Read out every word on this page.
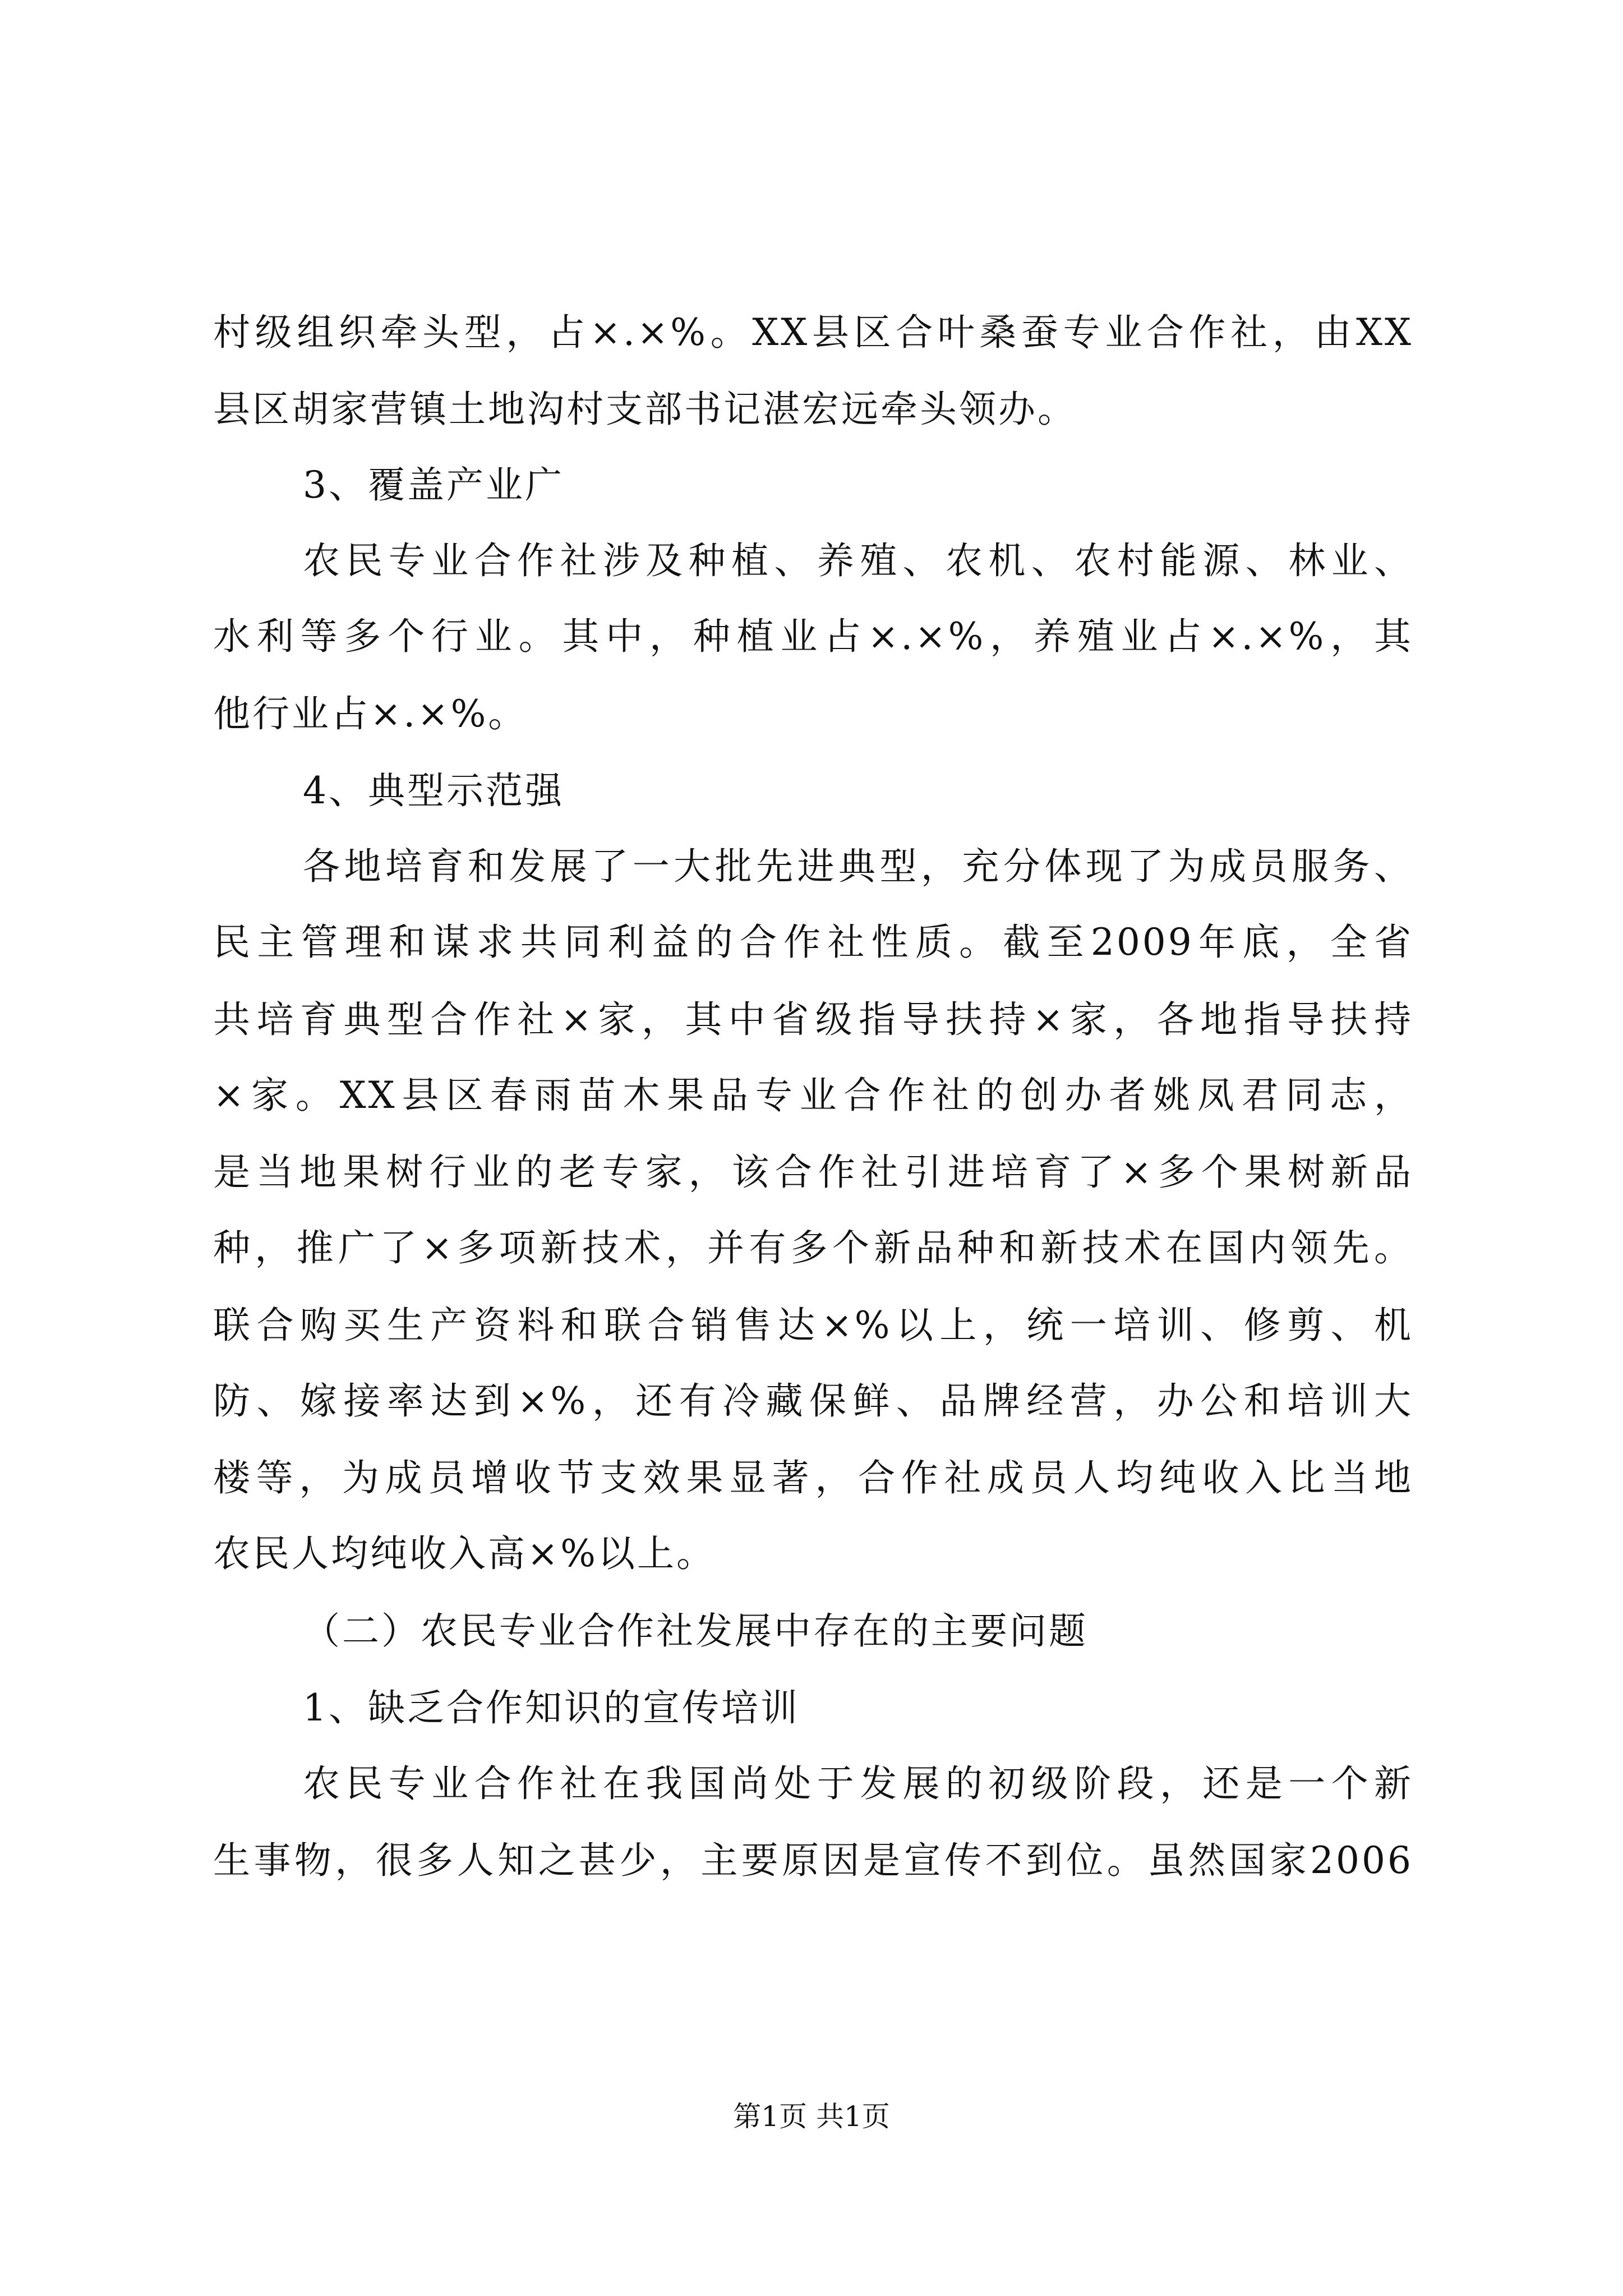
村级组织牵头型，占×.×%。XX县区合叶桑蚕专业合作社，由XX

县区胡家营镇土地沟村支部书记湛宏远牵头领办。

3、覆盖产业广

农民专业合作社涉及种植、养殖、农机、农村能源、林业、

水利等多个行业。其中，种植业占×.×%，养殖业占×.×%，其

他行业占×.×%。

4、典型示范强

各地培育和发展了一大批先进典型，充分体现了为成员服务、

民主管理和谋求共同利益的合作社性质。截至2009年底，全省

共培育典型合作社×家，其中省级指导扶持×家，各地指导扶持

×家。XX县区春雨苗木果品专业合作社的创办者姚凤君同志，

是当地果树行业的老专家，该合作社引进培育了×多个果树新品

种，推广了×多项新技术，并有多个新品种和新技术在国内领先。

联合购买生产资料和联合销售达×%以上，统一培训、修剪、机

防、嫁接率达到×%，还有冷藏保鲜、品牌经营，办公和培训大

楼等，为成员增收节支效果显著，合作社成员人均纯收入比当地

农民人均纯收入高×%以上。

（二）农民专业合作社发展中存在的主要问题

1、缺乏合作知识的宣传培训

农民专业合作社在我国尚处于发展的初级阶段，还是一个新

生事物，很多人知之甚少，主要原因是宣传不到位。虽然国家2006

第1页 共1页
